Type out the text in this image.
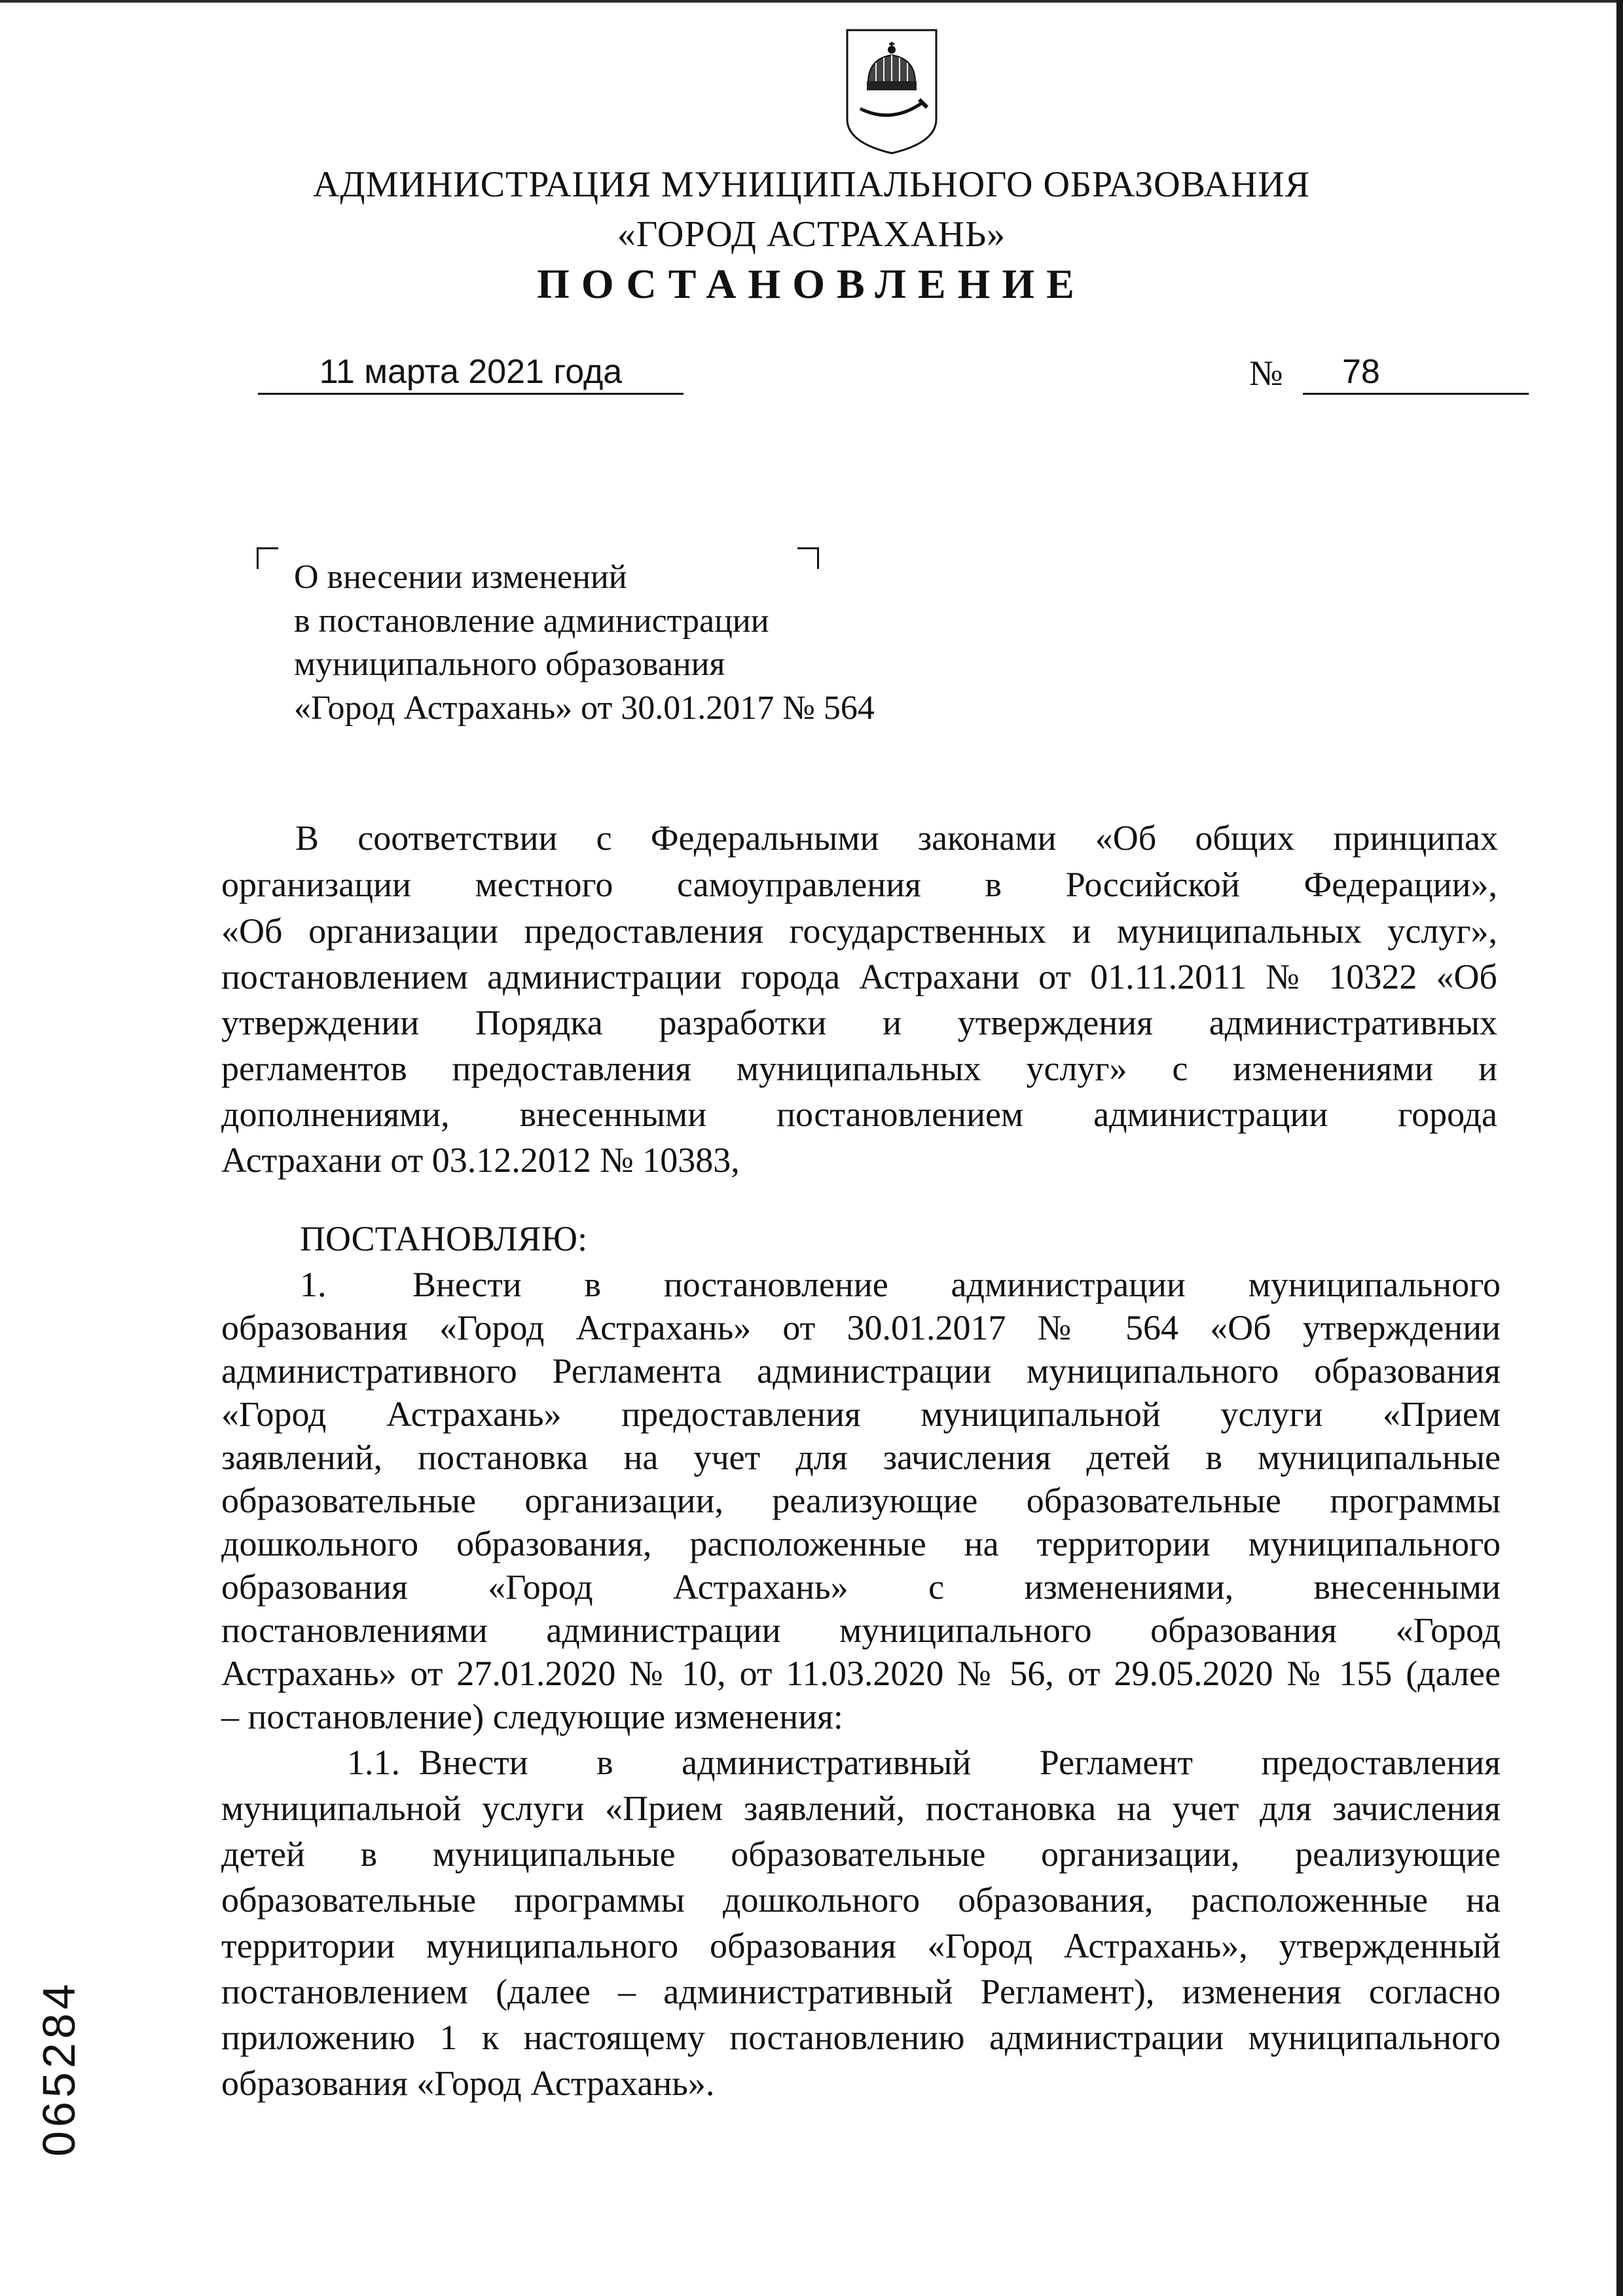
АДМИНИСТРАЦИЯ МУНИЦИПАЛЬНОГО ОБРАЗОВАНИЯ
«ГОРОД АСТРАХАНЬ»
ПОСТАНОВЛЕНИЕ
11 марта 2021 года	№ 78
О внесении изменений
в постановление администрации
муниципального образования
«Город Астрахань» от 30.01.2017 № 564
В соответствии с Федеральными законами «Об общих принципах
организации местного самоуправления в Российской Федерации»,
«Об организации предоставления государственных и муниципальных услуг»,
постановлением администрации города Астрахани от 01.11.2011 № 10322 «Об
утверждении Порядка разработки и утверждения административных
регламентов предоставления муниципальных услуг» с изменениями и
дополнениями, внесенными постановлением администрации города
Астрахани от 03.12.2012 № 10383,
ПОСТАНОВЛЯЮ:
1. Внести в постановление администрации муниципального
образования «Город Астрахань» от 30.01.2017 № 564 «Об утверждении
административного Регламента администрации муниципального образования
«Город Астрахань» предоставления муниципальной услуги «Прием
заявлений, постановка на учет для зачисления детей в муниципальные
образовательные организации, реализующие образовательные программы
дошкольного образования, расположенные на территории муниципального
образования «Город Астрахань» с изменениями, внесенными
постановлениями администрации муниципального образования «Город
Астрахань» от 27.01.2020 № 10, от 11.03.2020 № 56, от 29.05.2020 № 155 (далее
– постановление) следующие изменения:
1.1. Внести в административный Регламент предоставления
муниципальной услуги «Прием заявлений, постановка на учет для зачисления
детей в муниципальные образовательные организации, реализующие
образовательные программы дошкольного образования, расположенные на
территории муниципального образования «Город Астрахань», утвержденный
постановлением (далее – административный Регламент), изменения согласно
приложению 1 к настоящему постановлению администрации муниципального
образования «Город Астрахань».
065284
